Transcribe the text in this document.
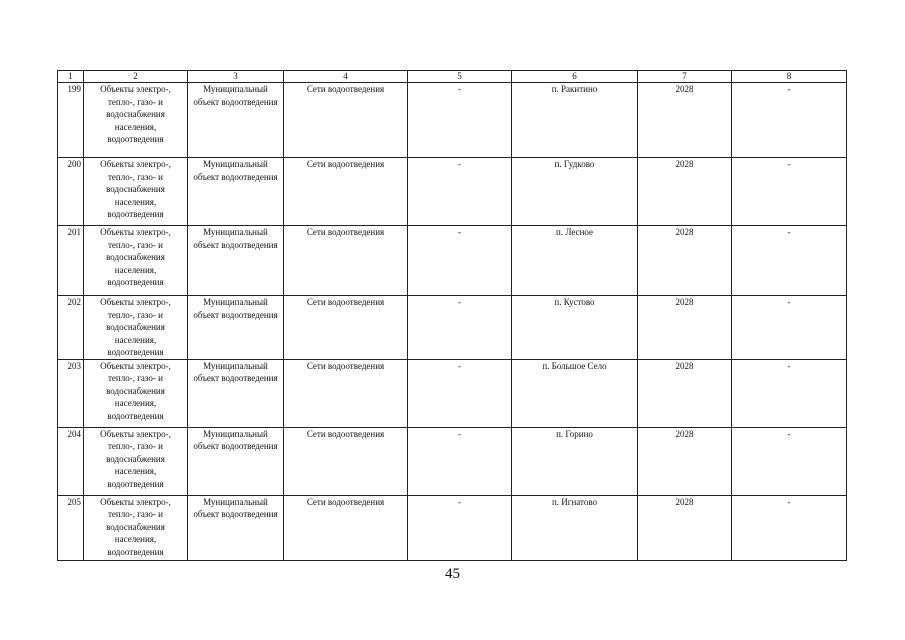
1	2	3	4	5	6	7	8
199	Объекты электро-, тепло-, газо- и водоснабжения населения, водоотведения	Муниципальный объект водоотведения	Сети водоотведения	-	п. Ракитино	2028	-
200	Объекты электро-, тепло-, газо- и водоснабжения населения, водоотведения	Муниципальный объект водоотведения	Сети водоотведения	-	п. Гудково	2028	-
201	Объекты электро-, тепло-, газо- и водоснабжения населения, водоотведения	Муниципальный объект водоотведения	Сети водоотведения	-	п. Лесное	2028	-
202	Объекты электро-, тепло-, газо- и водоснабжения населения, водоотведения	Муниципальный объект водоотведения	Сети водоотведения	-	п. Кустово	2028	-
203	Объекты электро-, тепло-, газо- и водоснабжения населения, водоотведения	Муниципальный объект водоотведения	Сети водоотведения	-	п. Большое Село	2028	-
204	Объекты электро-, тепло-, газо- и водоснабжения населения, водоотведения	Муниципальный объект водоотведения	Сети водоотведения	-	п. Горино	2028	-
205	Объекты электро-, тепло-, газо- и водоснабжения населения, водоотведения	Муниципальный объект водоотведения	Сети водоотведения	-	п. Игнатово	2028	-
45
